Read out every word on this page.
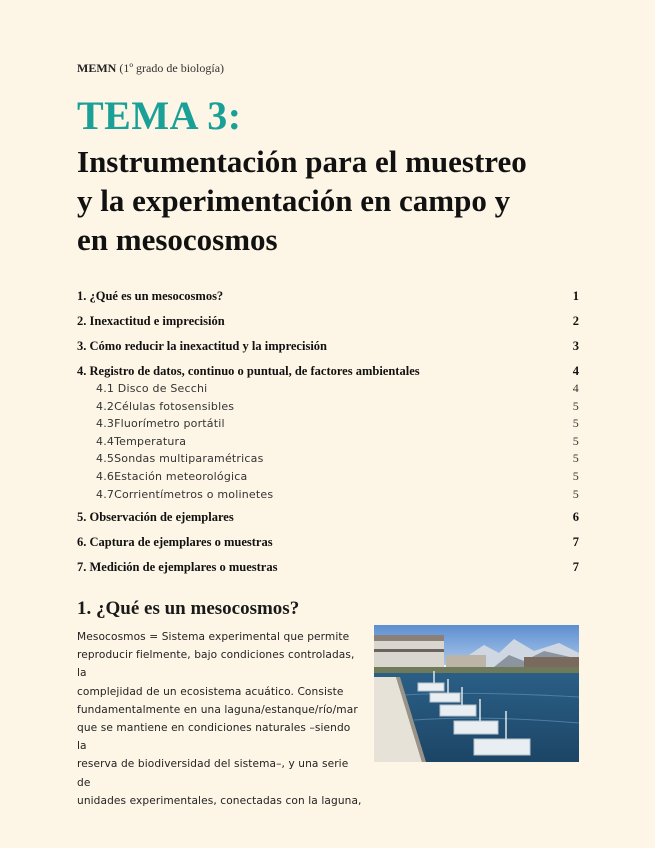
MEMN (1º grado de biología)
TEMA 3:
Instrumentación para el muestreo
y la experimentación en campo y
en mesocosmos
1. ¿Qué es un mesocosmos?	1
2. Inexactitud e imprecisión	2
3. Cómo reducir la inexactitud y la imprecisión	3
4. Registro de datos, continuo o puntual, de factores ambientales	4
4.1 Disco de Secchi	4
4.2Células fotosensibles	5
4.3Fluorímetro portátil	5
4.4Temperatura	5
4.5Sondas multiparamétricas	5
4.6Estación meteorológica	5
4.7Corrientímetros o molinetes	5
5. Observación de ejemplares	6
6. Captura de ejemplares o muestras	7
7. Medición de ejemplares o muestras	7
1. ¿Qué es un mesocosmos?
Mesocosmos = Sistema experimental que permite
reproducir fielmente, bajo condiciones controladas, la
complejidad de un ecosistema acuático. Consiste
fundamentalmente en una laguna/estanque/río/mar
que se mantiene en condiciones naturales –siendo la
reserva de biodiversidad del sistema–, y una serie de
unidades experimentales, conectadas con la laguna,
